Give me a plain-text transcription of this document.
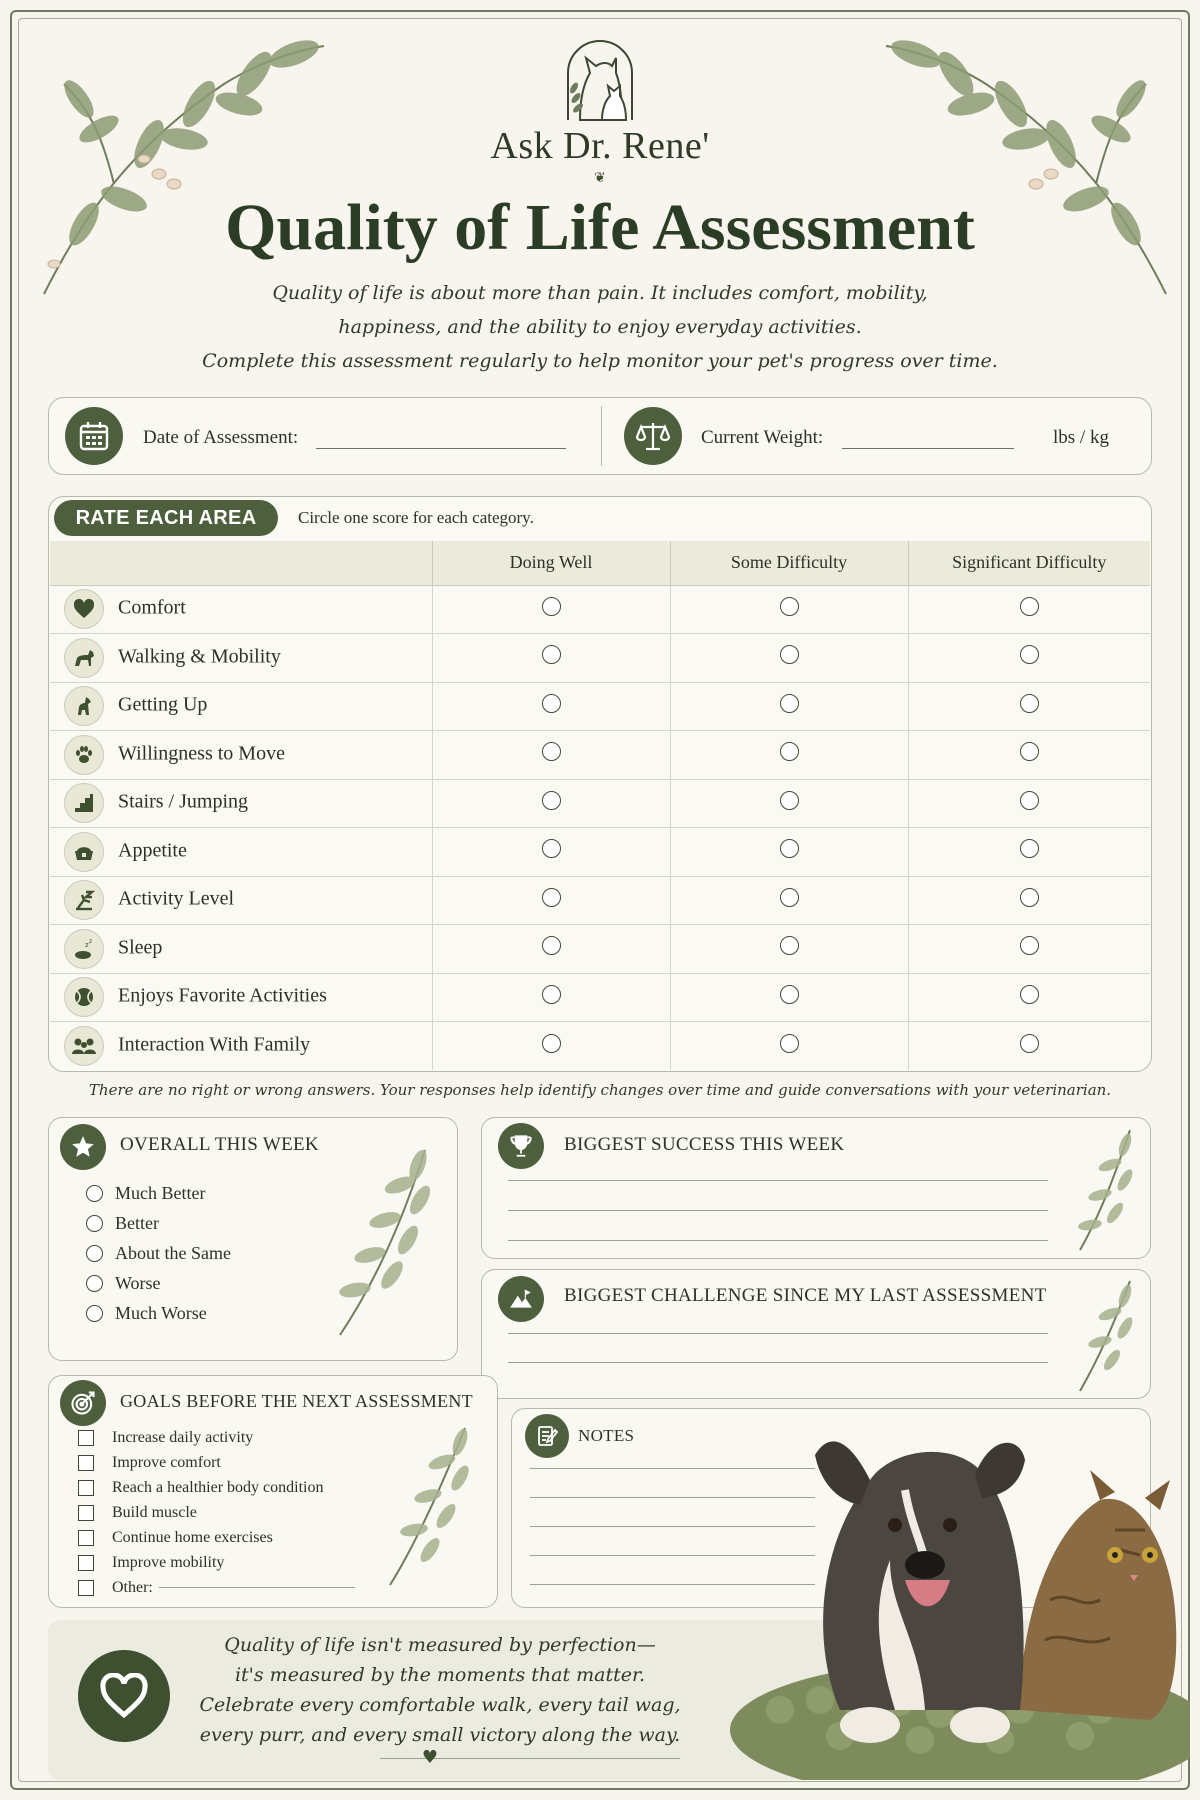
Ask Dr. Rene'
❦
Quality of Life Assessment
Quality of life is about more than pain. It includes comfort, mobility,
happiness, and the ability to enjoy everyday activities.
Complete this assessment regularly to help monitor your pet's progress over time.
Date of Assessment:	Current Weight:	lbs / kg
RATE EACH AREA	Circle one score for each category.
	Doing Well	Some Difficulty	Significant Difficulty

Comfort			

Walking & Mobility			

Getting Up			

Willingness to Move			

Stairs / Jumping			

Appetite			

Activity Level			

z z Sleep			

Enjoys Favorite Activities			

Interaction With Family			
There are no right or wrong answers. Your responses help identify changes over time and guide conversations with your veterinarian.
OVERALL THIS WEEK
Much Better
Better
About the Same
Worse
Much Worse
BIGGEST SUCCESS THIS WEEK
BIGGEST CHALLENGE SINCE MY LAST ASSESSMENT
GOALS BEFORE THE NEXT ASSESSMENT
Increase daily activity
Improve comfort
Reach a healthier body condition
Build muscle
Continue home exercises
Improve mobility
Other:
NOTES
Quality of life isn't measured by perfection—
it's measured by the moments that matter.
Celebrate every comfortable walk, every tail wag,
every purr, and every small victory along the way.
♥
